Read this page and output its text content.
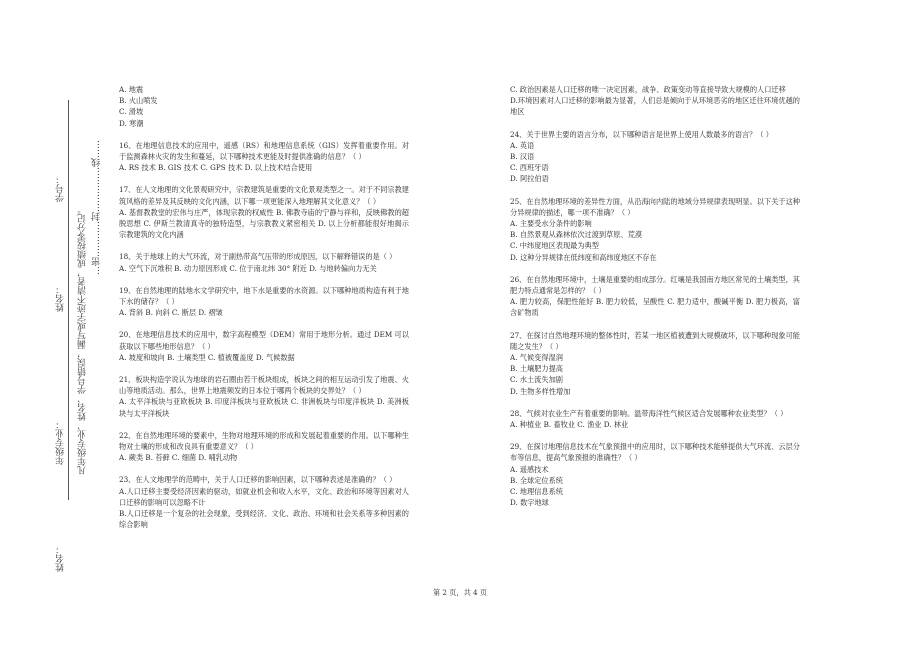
学号：
姓名：
年级专业：
姓名：
凡年级专业、姓名、学号错误，漏写或字迹不清者，成绩按零分记。 …密…………封……………线……
A. 地震
B. 火山喷发
C. 滑坡
D. 寒潮
16、在地理信息技术的应用中，遥感（RS）和地理信息系统（GIS）发挥着重要作用。对于监测森林火灾的发生和蔓延，以下哪种技术更能及时提供准确的信息？（ ）
A. RS 技术 B. GIS 技术 C. GPS 技术 D. 以上技术结合使用
17、在人文地理的文化景观研究中，宗教建筑是重要的文化景观类型之一。对于不同宗教建筑风格的差异及其反映的文化内涵，以下哪一项更能深入地理解其文化意义？（ ）
A. 基督教教堂的宏伟与庄严，体现宗教的权威性 B. 佛教寺庙的宁静与祥和，反映佛教的超脱思想 C. 伊斯兰教清真寺的独特造型，与宗教教义紧密相关 D. 以上分析都能很好地揭示宗教建筑的文化内涵
18、关于地球上的大气环流，对于副热带高气压带的形成原因，以下解释错误的是（ ）
A. 空气下沉堆积 B. 动力原因形成 C. 位于南北纬 30° 附近 D. 与地转偏向力无关
19、在自然地理的陆地水文学研究中，地下水是重要的水资源。以下哪种地质构造有利于地下水的储存？（ ）
A. 背斜 B. 向斜 C. 断层 D. 褶皱
20、在地理信息技术的应用中，数字高程模型（DEM）常用于地形分析。通过 DEM 可以获取以下哪些地形信息？（ ）
A. 坡度和坡向 B. 土壤类型 C. 植被覆盖度 D. 气候数据
21、板块构造学说认为地球的岩石圈由若干板块组成，板块之间的相互运动引发了地震、火山等地质活动。那么，世界上地震频发的日本位于哪两个板块的交界处？（ ）
A. 太平洋板块与亚欧板块 B. 印度洋板块与亚欧板块 C. 非洲板块与印度洋板块 D. 美洲板块与太平洋板块
22、在自然地理环境的要素中，生物对地理环境的形成和发展起着重要的作用。以下哪种生物对土壤的形成和改良具有重要意义？（ ）
A. 蕨类 B. 苔藓 C. 细菌 D. 哺乳动物
23、在人文地理学的范畴中，关于人口迁移的影响因素，以下哪种表述是准确的？（ ）
A.人口迁移主要受经济因素的驱动，如就业机会和收入水平，文化、政治和环境等因素对人口迁移的影响可以忽略不计
B.人口迁移是一个复杂的社会现象，受到经济、文化、政治、环境和社会关系等多种因素的综合影响
C. 政治因素是人口迁移的唯一决定因素，战争、政策变动等直接导致大规模的人口迁移
D.环境因素对人口迁移的影响最为显著，人们总是倾向于从环境恶劣的地区迁往环境优越的地区
24、关于世界主要的语言分布，以下哪种语言是世界上使用人数最多的语言？（ ）
A. 英语
B. 汉语
C. 西班牙语
D. 阿拉伯语
25、在自然地理环境的差异性方面，从沿海向内陆的地域分异规律表现明显。以下关于这种分异规律的描述，哪一项不准确？（ ）
A. 主要受水分条件的影响
B. 自然景观从森林依次过渡到草原、荒漠
C. 中纬度地区表现最为典型
D. 这种分异规律在低纬度和高纬度地区不存在
26、在自然地理环境中，土壤是重要的组成部分。红壤是我国南方地区常见的土壤类型，其肥力特点通常是怎样的？（ ）
A. 肥力较高，保肥性能好 B. 肥力较低，呈酸性 C. 肥力适中，酸碱平衡 D. 肥力极高，富含矿物质
27、在探讨自然地理环境的整体性时，若某一地区植被遭到大规模破坏，以下哪种现象可能随之发生？（ ）
A. 气候变得湿润
B. 土壤肥力提高
C. 水土流失加剧
D. 生物多样性增加
28、气候对农业生产有着重要的影响。温带海洋性气候区适合发展哪种农业类型？（ ）
A. 种植业 B. 畜牧业 C. 渔业 D. 林业
29、在探讨地理信息技术在气象预报中的应用时，以下哪种技术能够提供大气环流、云层分布等信息，提高气象预报的准确性？（ ）
A. 遥感技术
B. 全球定位系统
C. 地理信息系统
D. 数字地球
第 2 页，共 4 页
